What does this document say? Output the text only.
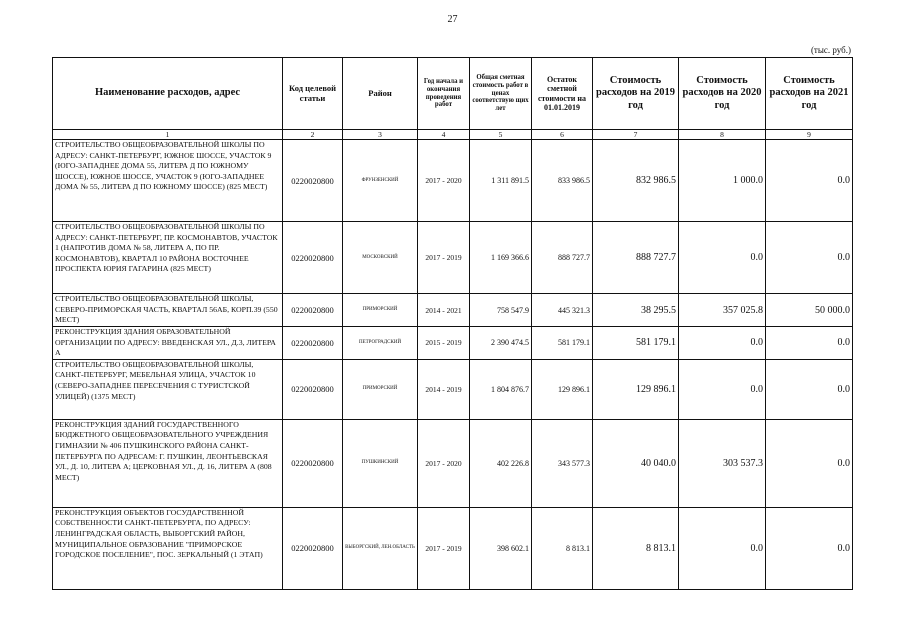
27
(тыс. руб.)
Наименование расходов, адрес	Код целевой статьи	Район	Год начала и окончания проведения работ	Общая сметная стоимость работ в ценах соответствую щих лет	Остаток сметной стоимости на 01.01.2019	Стоимость расходов на 2019 год	Стоимость расходов на 2020 год	Стоимость расходов на 2021 год
1	2	3	4	5	6	7	8	9
СТРОИТЕЛЬСТВО ОБЩЕОБРАЗОВАТЕЛЬНОЙ ШКОЛЫ ПО АДРЕСУ: САНКТ-ПЕТЕРБУРГ, ЮЖНОЕ ШОССЕ, УЧАСТОК 9 (ЮГО-ЗАПАДНЕЕ ДОМА 55, ЛИТЕРА Д ПО ЮЖНОМУ ШОССЕ), ЮЖНОЕ ШОССЕ, УЧАСТОК 9 (ЮГО-ЗАПАДНЕЕ ДОМА № 55, ЛИТЕРА Д ПО ЮЖНОМУ ШОССЕ) (825 МЕСТ)	0220020800	ФРУНЗЕНСКИЙ	2017 - 2020	1 311 891.5	833 986.5	832 986.5	1 000.0	0.0
СТРОИТЕЛЬСТВО ОБЩЕОБРАЗОВАТЕЛЬНОЙ ШКОЛЫ ПО АДРЕСУ: САНКТ-ПЕТЕРБУРГ, ПР. КОСМОНАВТОВ, УЧАСТОК 1 (НАПРОТИВ ДОМА № 58, ЛИТЕРА А, ПО ПР. КОСМОНАВТОВ), КВАРТАЛ 10 РАЙОНА ВОСТОЧНЕЕ ПРОСПЕКТА ЮРИЯ ГАГАРИНА (825 МЕСТ)	0220020800	МОСКОВСКИЙ	2017 - 2019	1 169 366.6	888 727.7	888 727.7	0.0	0.0
СТРОИТЕЛЬСТВО ОБЩЕОБРАЗОВАТЕЛЬНОЙ ШКОЛЫ, СЕВЕРО-ПРИМОРСКАЯ ЧАСТЬ, КВАРТАЛ 56АБ, КОРП.39 (550 МЕСТ)	0220020800	ПРИМОРСКИЙ	2014 - 2021	758 547.9	445 321.3	38 295.5	357 025.8	50 000.0
РЕКОНСТРУКЦИЯ ЗДАНИЯ ОБРАЗОВАТЕЛЬНОЙ ОРГАНИЗАЦИИ ПО АДРЕСУ: ВВЕДЕНСКАЯ УЛ., Д.3, ЛИТЕРА А	0220020800	ПЕТРОГРАДСКИЙ	2015 - 2019	2 390 474.5	581 179.1	581 179.1	0.0	0.0
СТРОИТЕЛЬСТВО ОБЩЕОБРАЗОВАТЕЛЬНОЙ ШКОЛЫ, САНКТ-ПЕТЕРБУРГ, МЕБЕЛЬНАЯ УЛИЦА, УЧАСТОК 10 (СЕВЕРО-ЗАПАДНЕЕ ПЕРЕСЕЧЕНИЯ С ТУРИСТСКОЙ УЛИЦЕЙ) (1375 МЕСТ)	0220020800	ПРИМОРСКИЙ	2014 - 2019	1 804 876.7	129 896.1	129 896.1	0.0	0.0
РЕКОНСТРУКЦИЯ ЗДАНИЙ ГОСУДАРСТВЕННОГО БЮДЖЕТНОГО ОБЩЕОБРАЗОВАТЕЛЬНОГО УЧРЕЖДЕНИЯ ГИМНАЗИИ № 406 ПУШКИНСКОГО РАЙОНА САНКТ-ПЕТЕРБУРГА ПО АДРЕСАМ: Г. ПУШКИН, ЛЕОНТЬЕВСКАЯ УЛ., Д. 10, ЛИТЕРА А; ЦЕРКОВНАЯ УЛ., Д. 16, ЛИТЕРА А (808 МЕСТ)	0220020800	ПУШКИНСКИЙ	2017 - 2020	402 226.8	343 577.3	40 040.0	303 537.3	0.0
РЕКОНСТРУКЦИЯ ОБЪЕКТОВ ГОСУДАРСТВЕННОЙ СОБСТВЕННОСТИ САНКТ-ПЕТЕРБУРГА, ПО АДРЕСУ: ЛЕНИНГРАДСКАЯ ОБЛАСТЬ, ВЫБОРГСКИЙ РАЙОН, МУНИЦИПАЛЬНОЕ ОБРАЗОВАНИЕ "ПРИМОРСКОЕ ГОРОДСКОЕ ПОСЕЛЕНИЕ", ПОС. ЗЕРКАЛЬНЫЙ (1 ЭТАП)	0220020800	ВЫБОРГСКИЙ, ЛЕН.ОБЛАСТЬ	2017 - 2019	398 602.1	8 813.1	8 813.1	0.0	0.0
